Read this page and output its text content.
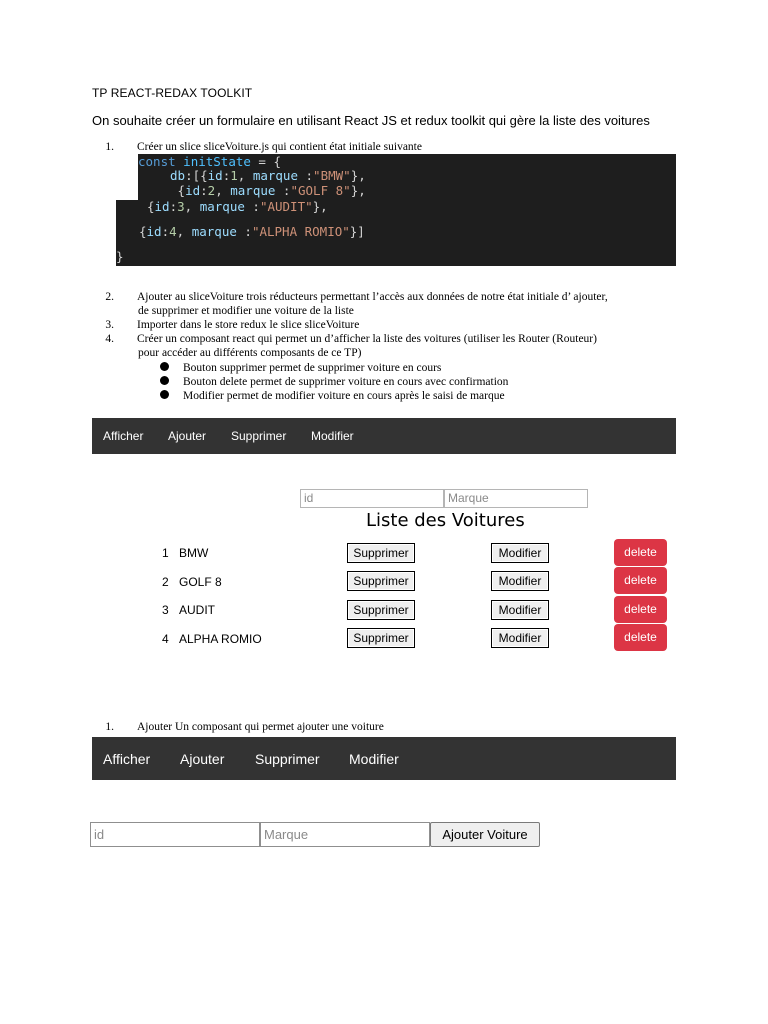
TP REACT-REDAX TOOLKIT
On souhaite créer un formulaire en utilisant React JS et redux toolkit qui gère la liste des voitures
1. Créer un slice sliceVoiture.js qui contient état initiale suivante
const initState = {
db:[{id:1, marque :"BMW"},
{id:2, marque :"GOLF 8"},
{id:3, marque :"AUDIT"},
{id:4, marque :"ALPHA ROMIO"}]
}
2. Ajouter au sliceVoiture trois réducteurs permettant l’accès aux données de notre état initiale d’ ajouter,
de supprimer et modifier une voiture de la liste
3. Importer dans le store redux le slice sliceVoiture
4. Créer un composant react qui permet un d’afficher la liste des voitures (utiliser les Router (Routeur)
pour accéder au différents composants de ce TP)
Bouton supprimer permet de supprimer voiture en cours
Bouton delete permet de supprimer voiture en cours avec confirmation
Modifier permet de modifier voiture en cours après le saisi de marque
Afficher Ajouter Supprimer Modifier
id	Marque
Liste des Voitures
1 BMW	Supprimer	Modifier	delete
2 GOLF 8	Supprimer	Modifier	delete
3 AUDIT	Supprimer	Modifier	delete
4 ALPHA ROMIO	Supprimer	Modifier	delete
1. Ajouter Un composant qui permet ajouter une voiture
Afficher Ajouter Supprimer Modifier
id	Marque	Ajouter Voiture
